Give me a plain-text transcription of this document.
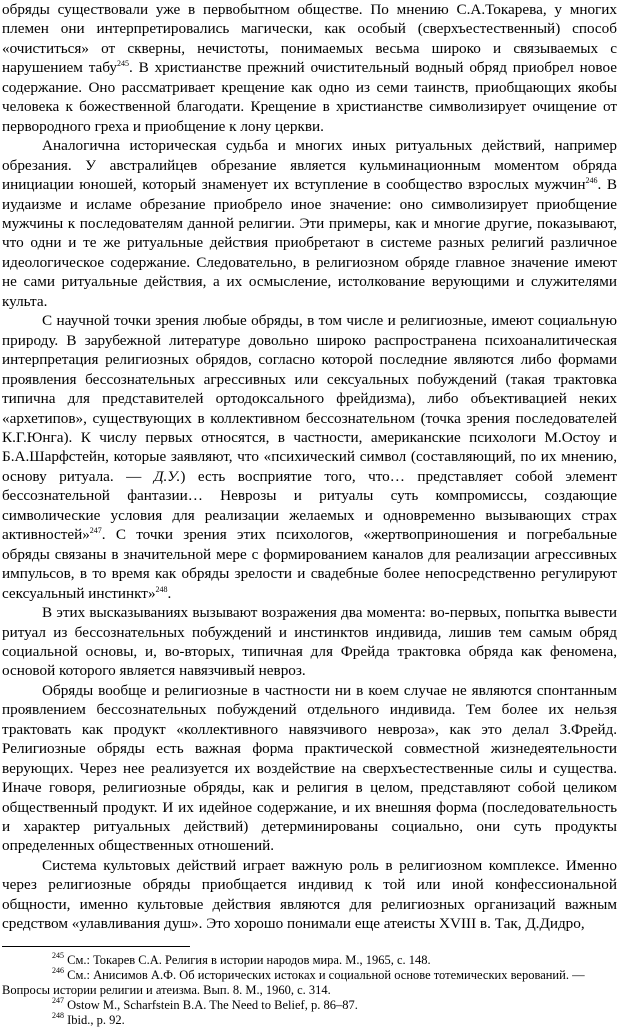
обряды существовали уже в первобытном обществе. По мнению С.А.Токарева, у многих племен они интерпретировались магически, как особый (сверхъестественный) способ «очиститься» от скверны, нечистоты, понимаемых весьма широко и связываемых с нарушением табу$^{245}$. В христианстве прежний очистительный водный обряд приобрел новое содержание. Оно рассматривает крещение как одно из семи таинств, приобщающих якобы человека к божественной благодати. Крещение в христианстве символизирует очищение от первородного греха и приобщение к лону церкви.

Аналогична историческая судьба и многих иных ритуальных действий, например обрезания. У австралийцев обрезание является кульминационным моментом обряда инициации юношей, который знаменует их вступление в сообщество взрослых мужчин$^{246}$. В иудаизме и исламе обрезание приобрело иное значение: оно символизирует приобщение мужчины к последователям данной религии. Эти примеры, как и многие другие, показывают, что одни и те же ритуальные действия приобретают в системе разных религий различное идеологическое содержание. Следовательно, в религиозном обряде главное значение имеют не сами ритуальные действия, а их осмысление, истолкование верующими и служителями культа.

С научной точки зрения любые обряды, в том числе и религиозные, имеют социальную природу. В зарубежной литературе довольно широко распространена психоаналитическая интерпретация религиозных обрядов, согласно которой последние являются либо формами проявления бессознательных агрессивных или сексуальных побуждений (такая трактовка типична для представителей ортодоксального фрейдизма), либо объективацией неких «архетипов», существующих в коллективном бессознательном (точка зрения последователей К.Г.Юнга). К числу первых относятся, в частности, американские психологи М.Остоу и Б.А.Шарфстейн, которые заявляют, что «психический символ (составляющий, по их мнению, основу ритуала. — Д.У.) есть восприятие того, что… представляет собой элемент бессознательной фантазии… Неврозы и ритуалы суть компромиссы, создающие символические условия для реализации желаемых и одновременно вызывающих страх активностей»$^{247}$. С точки зрения этих психологов, «жертвоприношения и погребальные обряды связаны в значительной мере с формированием каналов для реализации агрессивных импульсов, в то время как обряды зрелости и свадебные более непосредственно регулируют сексуальный инстинкт»$^{248}$.

В этих высказываниях вызывают возражения два момента: во-первых, попытка вывести ритуал из бессознательных побуждений и инстинктов индивида, лишив тем самым обряд социальной основы, и, во-вторых, типичная для Фрейда трактовка обряда как феномена, основой которого является навязчивый невроз.

Обряды вообще и религиозные в частности ни в коем случае не являются спонтанным проявлением бессознательных побуждений отдельного индивида. Тем более их нельзя трактовать как продукт «коллективного навязчивого невроза», как это делал З.Фрейд. Религиозные обряды есть важная форма практической совместной жизнедеятельности верующих. Через нее реализуется их воздействие на сверхъестественные силы и существа. Иначе говоря, религиозные обряды, как и религия в целом, представляют собой целиком общественный продукт. И их идейное содержание, и их внешняя форма (последовательность и характер ритуальных действий) детерминированы социально, они суть продукты определенных общественных отношений.

Система культовых действий играет важную роль в религиозном комплексе. Именно через религиозные обряды приобщается индивид к той или иной конфессиональной общности, именно культовые действия являются для религиозных организаций важным средством «улавливания душ». Это хорошо понимали еще атеисты XVIII в. Так, Д.Дидро,

$^{245}$ См.: Токарев С.А. Религия в истории народов мира. М., 1965, с. 148.

$^{246}$ См.: Анисимов А.Ф. Об исторических истоках и социальной основе тотемических верований. —

Вопросы истории религии и атеизма. Вып. 8. М., 1960, с. 314.

$^{247}$ Ostow M., Scharfstein B.A. The Need to Belief, p. 86–87.

$^{248}$ Ibid., p. 92.
